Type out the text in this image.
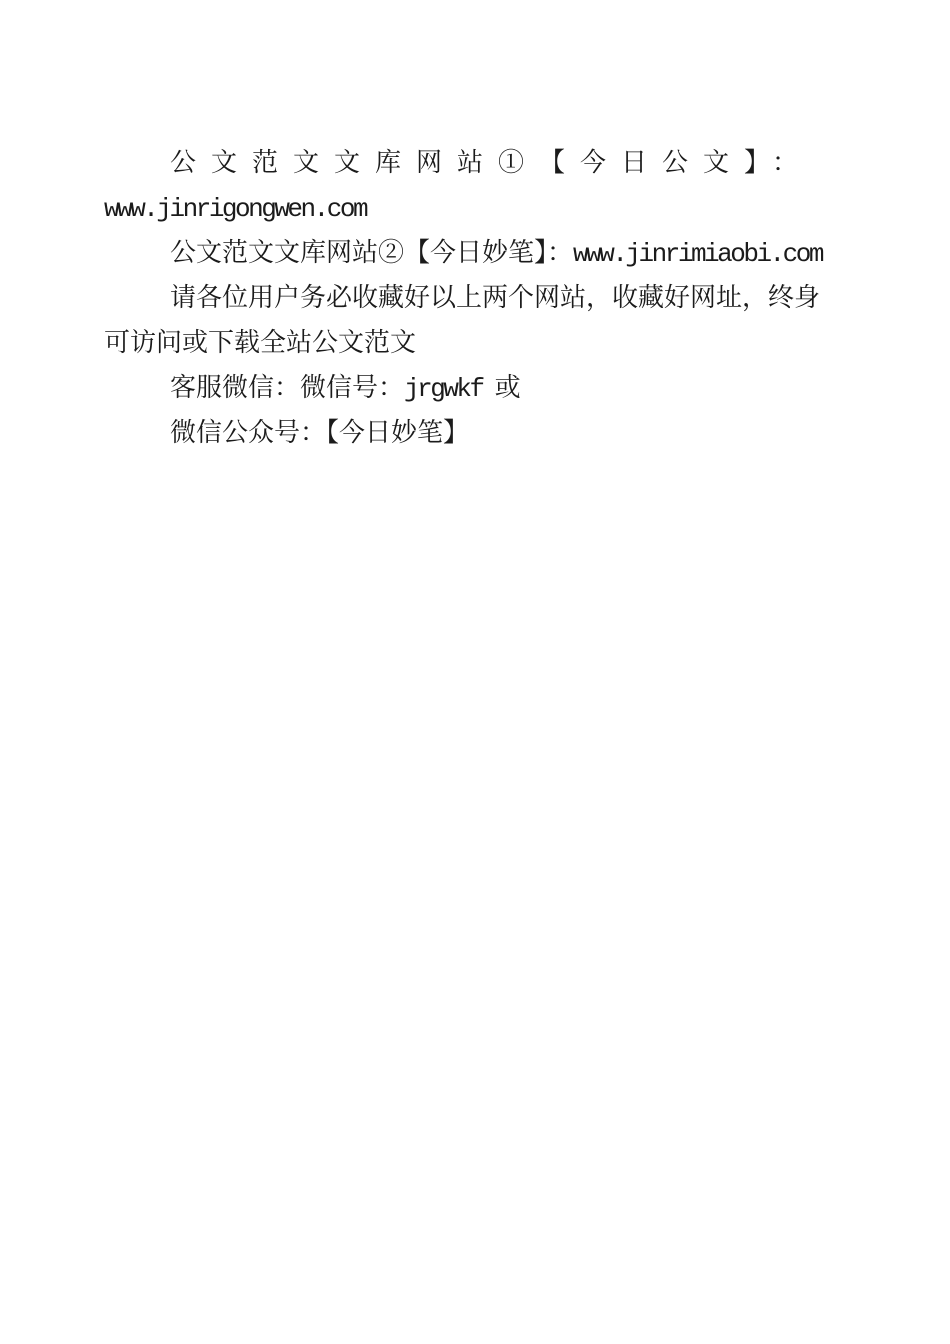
公文范文文库网站①【今日公文】：
www.jinrigongwen.com
公文范文文库网站②【今日妙笔】：www.jinrimiaobi.com
请各位用户务必收藏好以上两个网站，收藏好网址，终身
可访问或下载全站公文范文
客服微信：微信号：jrgwkf 或
微信公众号：【今日妙笔】
